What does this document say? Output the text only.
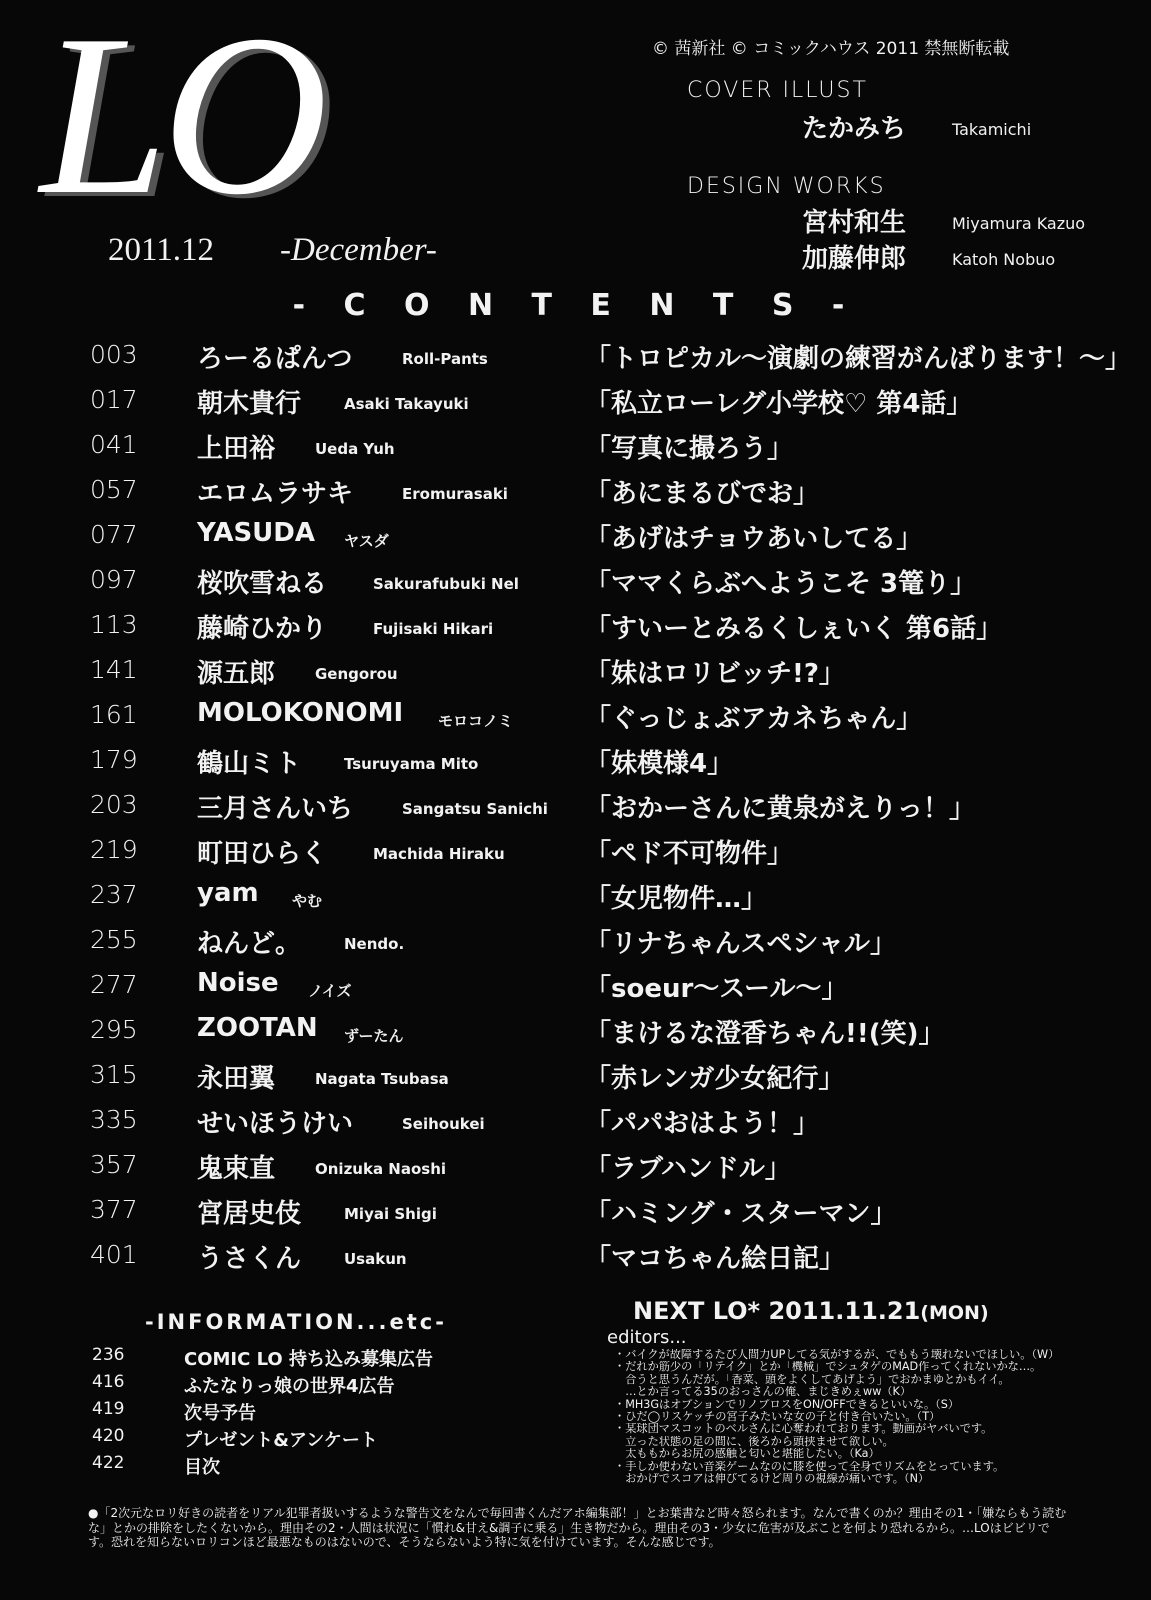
LO
2011.12 -December-
© 茜新社 © コミックハウス 2011 禁無断転載
COVER ILLUST
たかみち	Takamichi
DESIGN WORKS
宮村和生	Miyamura Kazuo
加藤伸郎	Katoh Nobuo
- C O N T E N T S -
003 ろーるぱんつ	Roll-Pants	「トロピカル〜演劇の練習がんばります！〜」
017 朝木貴行	Asaki Takayuki	「私立ローレグ小学校♡ 第4話」
041 上田裕	Ueda Yuh	「写真に撮ろう」
057 エロムラサキ	Eromurasaki	「あにまるびでお」
077 YASUDA ヤスダ	「あげはチョウあいしてる」
097 桜吹雪ねる	Sakurafubuki Nel	「ママくらぶへようこそ 3篭り」
113 藤崎ひかり	Fujisaki Hikari	「すいーとみるくしぇいく 第6話」
141 源五郎	Gengorou	「妹はロリビッチ!?」
161 MOLOKONOMI モロコノミ	「ぐっじょぶアカネちゃん」
179 鶴山ミト	Tsuruyama Mito	「妹模様4」
203 三月さんいち	Sangatsu Sanichi 「おかーさんに黄泉がえりっ！」
219 町田ひらく	Machida Hiraku	「ペド不可物件」
237 yam やむ	「女児物件…」
255 ねんど。	Nendo.	「リナちゃんスペシャル」
277 Noise ノイズ	「soeur〜スール〜」
295 ZOOTAN ずーたん	「まけるな澄香ちゃん!!(笑)」
315 永田翼	Nagata Tsubasa	「赤レンガ少女紀行」
335 せいほうけい	Seihoukei	「パパおはよう！」
357 鬼束直	Onizuka Naoshi	「ラブハンドル」
377 宮居史伎	Miyai Shigi	「ハミング・スターマン」
401 うさくん	Usakun	「マコちゃん絵日記」
-INFORMATION...etc-
236	COMIC LO 持ち込み募集広告
416	ふたなりっ娘の世界4広告
419	次号予告
420	プレゼント&アンケート
422	目次
NEXT LO* 2011.11.21(MON)
editors...
・バイクが故障するたび人間力UPしてる気がするが、でももう壊れないでほしい。（W）
・だれか筋少の「リテイク」とか「機械」でシュタゲのMAD作ってくれないかな…。
　合うと思うんだが。「香菜、頭をよくしてあげよう」でおかまゆとかもイイ。
　…とか言ってる35のおっさんの俺、まじきめぇww（K）
・MH3GはオプションでリノプロスをON/OFFできるといいな。（S）
・ひだ◯リスケッチの宮子みたいな女の子と付き合いたい。（T）
・某球団マスコットのベルさんに心奪われております。動画がヤバいです。
　立った状態の足の間に、後ろから頭挟ませて欲しい。
　太ももからお尻の感触と匂いと堪能したい。（Ka）
・手しか使わない音楽ゲームなのに膝を使って全身でリズムをとっています。
　おかげでスコアは伸びてるけど周りの視線が痛いです。（N）
●「2次元なロリ好きの読者をリアル犯罪者扱いするような警告文をなんで毎回書くんだアホ編集部！」とお葉書など時々怒られます。なんで書くのか？理由その1・「嫌ならもう読むな」とかの排除をしたくないから。理由その2・人間は状況に「慣れ&甘え&調子に乗る」生き物だから。理由その3・少女に危害が及ぶことを何より恐れるから。…LOはビビリです。恐れを知らないロリコンほど最悪なものはないので、そうならないよう特に気を付けています。そんな感じです。
